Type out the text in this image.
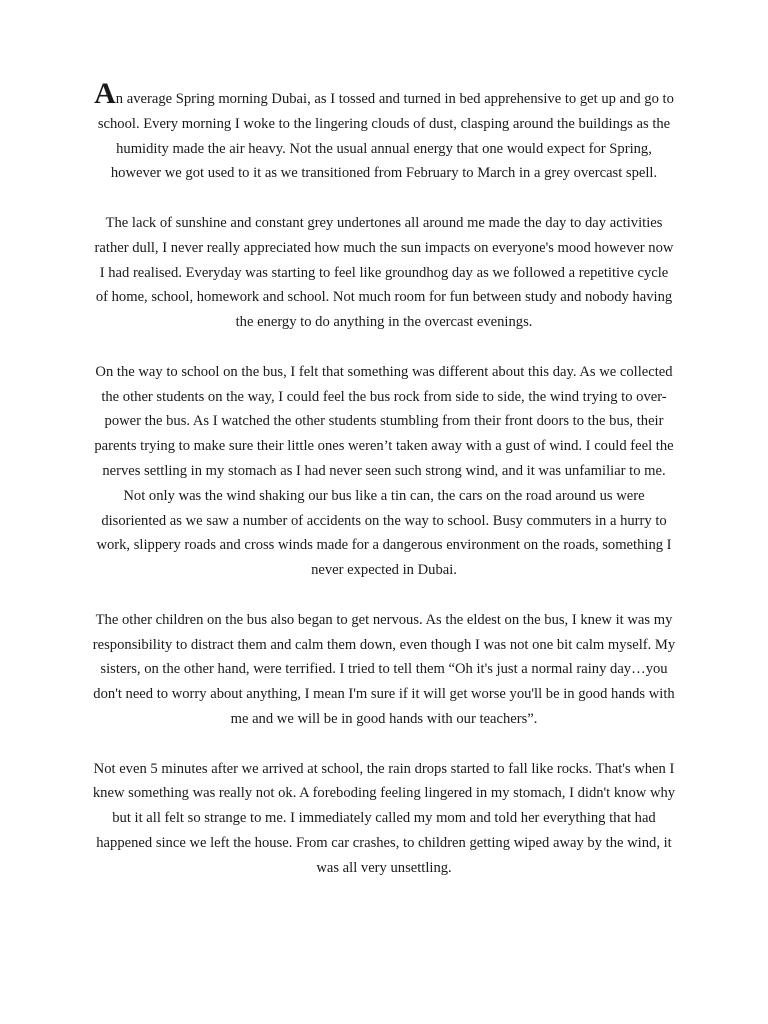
An average Spring morning Dubai, as I tossed and turned in bed apprehensive to get up and go to school. Every morning I woke to the lingering clouds of dust, clasping around the buildings as the humidity made the air heavy. Not the usual annual energy that one would expect for Spring, however we got used to it as we transitioned from February to March in a grey overcast spell.

The lack of sunshine and constant grey undertones all around me made the day to day activities rather dull, I never really appreciated how much the sun impacts on everyone's mood however now I had realised. Everyday was starting to feel like groundhog day as we followed a repetitive cycle of home, school, homework and school. Not much room for fun between study and nobody having the energy to do anything in the overcast evenings.

On the way to school on the bus, I felt that something was different about this day. As we collected the other students on the way, I could feel the bus rock from side to side, the wind trying to over-power the bus. As I watched the other students stumbling from their front doors to the bus, their parents trying to make sure their little ones weren’t taken away with a gust of wind. I could feel the nerves settling in my stomach as I had never seen such strong wind, and it was unfamiliar to me. Not only was the wind shaking our bus like a tin can, the cars on the road around us were disoriented as we saw a number of accidents on the way to school. Busy commuters in a hurry to work, slippery roads and cross winds made for a dangerous environment on the roads, something I never expected in Dubai.

The other children on the bus also began to get nervous. As the eldest on the bus, I knew it was my responsibility to distract them and calm them down, even though I was not one bit calm myself. My sisters, on the other hand, were terrified. I tried to tell them “Oh it's just a normal rainy day…you don't need to worry about anything, I mean I'm sure if it will get worse you'll be in good hands with me and we will be in good hands with our teachers”.

Not even 5 minutes after we arrived at school, the rain drops started to fall like rocks. That's when I knew something was really not ok. A foreboding feeling lingered in my stomach, I didn't know why but it all felt so strange to me. I immediately called my mom and told her everything that had happened since we left the house. From car crashes, to children getting wiped away by the wind, it was all very unsettling.
